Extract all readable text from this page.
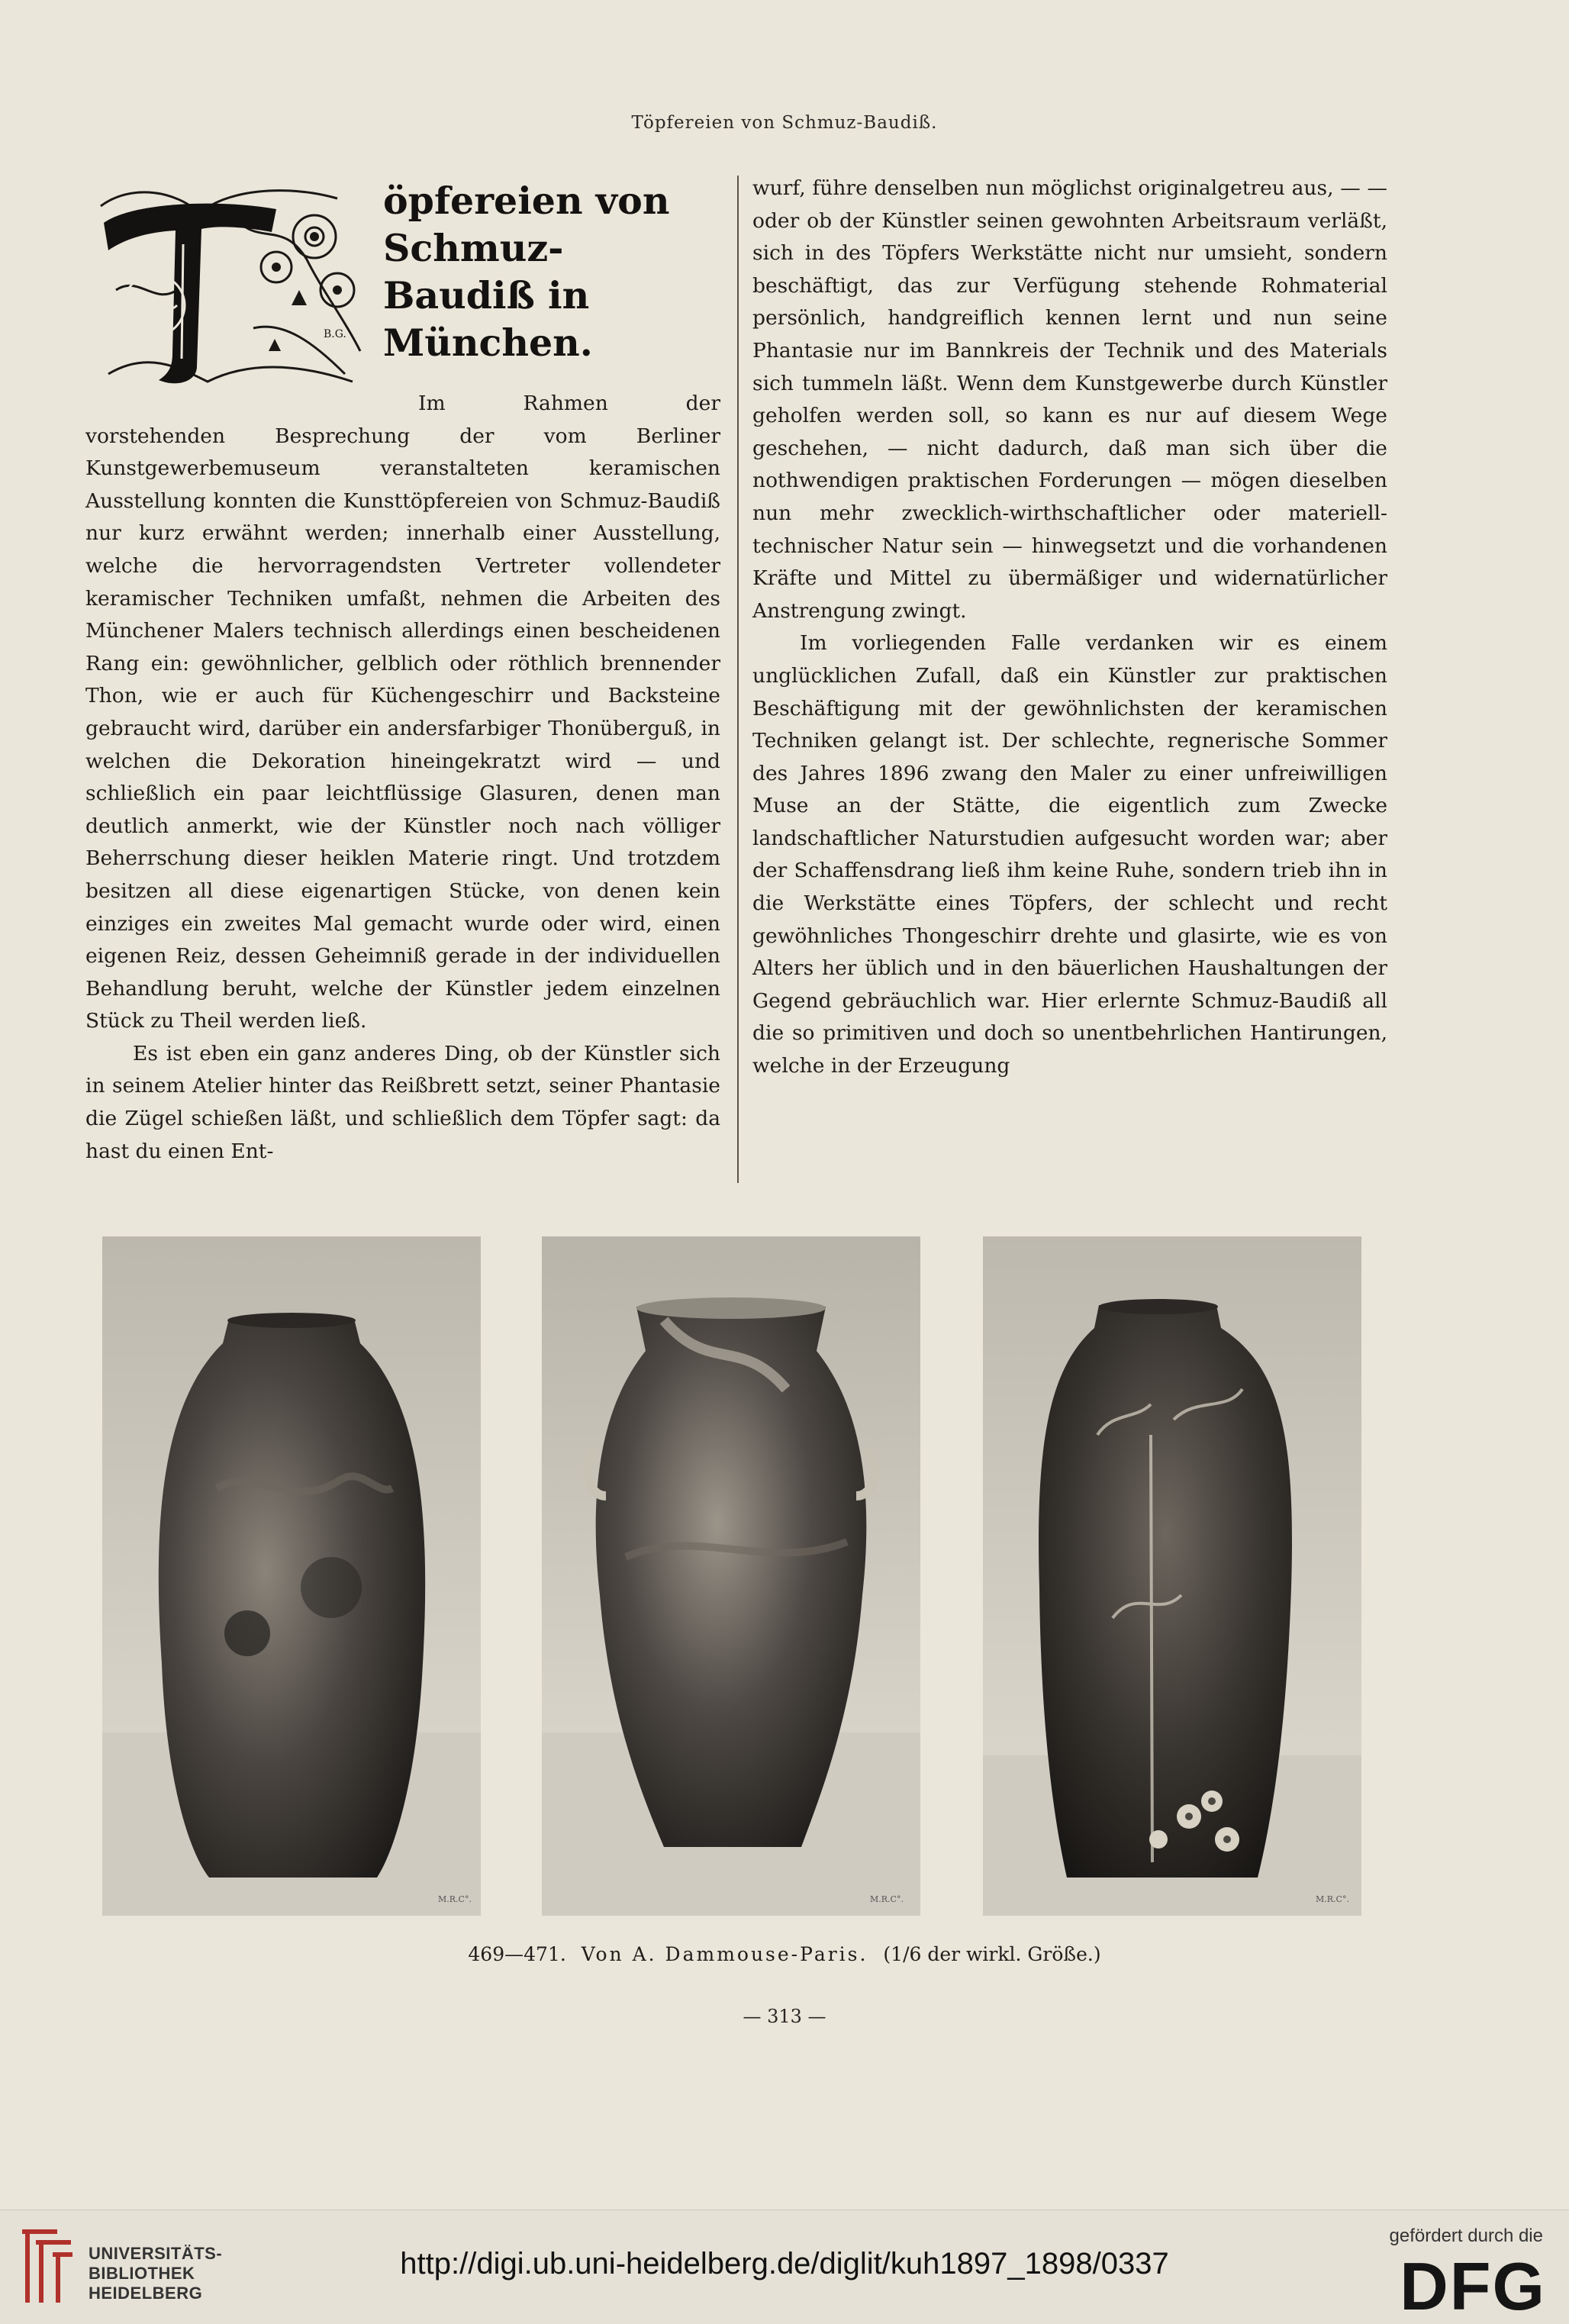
Töpfereien von Schmuz-Baudiß.
B.G.
öpfereien von Schmuz-
Baudiß in München.

Im Rahmen der vorstehenden Besprechung der vom Berliner Kunstgewerbemuseum veranstalteten keramischen Ausstellung konnten die Kunsttöpfereien von Schmuz-Baudiß nur kurz erwähnt werden; innerhalb einer Ausstellung, welche die hervorragendsten Vertreter vollendeter keramischer Techniken umfaßt, nehmen die Arbeiten des Münchener Malers technisch allerdings einen bescheidenen Rang ein: gewöhnlicher, gelblich oder röthlich brennender Thon, wie er auch für Küchengeschirr und Backsteine gebraucht wird, darüber ein andersfarbiger Thonüberguß, in welchen die Dekoration hineingekratzt wird — und schließlich ein paar leichtflüssige Glasuren, denen man deutlich anmerkt, wie der Künstler noch nach völliger Beherrschung dieser heiklen Materie ringt. Und trotzdem besitzen all diese eigenartigen Stücke, von denen kein einziges ein zweites Mal gemacht wurde oder wird, einen eigenen Reiz, dessen Geheimniß gerade in der individuellen Behandlung beruht, welche der Künstler jedem einzelnen Stück zu Theil werden ließ.

Es ist eben ein ganz anderes Ding, ob der Künstler sich in seinem Atelier hinter das Reißbrett setzt, seiner Phantasie die Zügel schießen läßt, und schließlich dem Töpfer sagt: da hast du einen Ent-

wurf, führe denselben nun möglichst originalgetreu aus, — — oder ob der Künstler seinen gewohnten Arbeitsraum verläßt, sich in des Töpfers Werkstätte nicht nur umsieht, sondern beschäftigt, das zur Verfügung stehende Rohmaterial persönlich, handgreiflich kennen lernt und nun seine Phantasie nur im Bannkreis der Technik und des Materials sich tummeln läßt. Wenn dem Kunstgewerbe durch Künstler geholfen werden soll, so kann es nur auf diesem Wege geschehen, — nicht dadurch, daß man sich über die nothwendigen praktischen Forderungen — mögen dieselben nun mehr zwecklich-wirthschaftlicher oder materiell-technischer Natur sein — hinwegsetzt und die vorhandenen Kräfte und Mittel zu übermäßiger und widernatürlicher Anstrengung zwingt.

Im vorliegenden Falle verdanken wir es einem unglücklichen Zufall, daß ein Künstler zur praktischen Beschäftigung mit der gewöhnlichsten der keramischen Techniken gelangt ist. Der schlechte, regnerische Sommer des Jahres 1896 zwang den Maler zu einer unfreiwilligen Muse an der Stätte, die eigentlich zum Zwecke landschaftlicher Naturstudien aufgesucht worden war; aber der Schaffensdrang ließ ihm keine Ruhe, sondern trieb ihn in die Werkstätte eines Töpfers, der schlecht und recht gewöhnliches Thongeschirr drehte und glasirte, wie es von Alters her üblich und in den bäuerlichen Haushaltungen der Gegend gebräuchlich war. Hier erlernte Schmuz-Baudiß all die so primitiven und doch so unentbehrlichen Hantirungen, welche in der Erzeugung

M.R.C°.	M.R.C°.	M.R.C°.
469—471. Von A. Dammouse-Paris. (1/6 der wirkl. Größe.)
— 313 —
UNIVERSITÄTS-
BIBLIOTHEK
HEIDELBERG
http://digi.ub.uni-heidelberg.de/diglit/kuh1897_1898/0337
gefördert durch die
DFG
